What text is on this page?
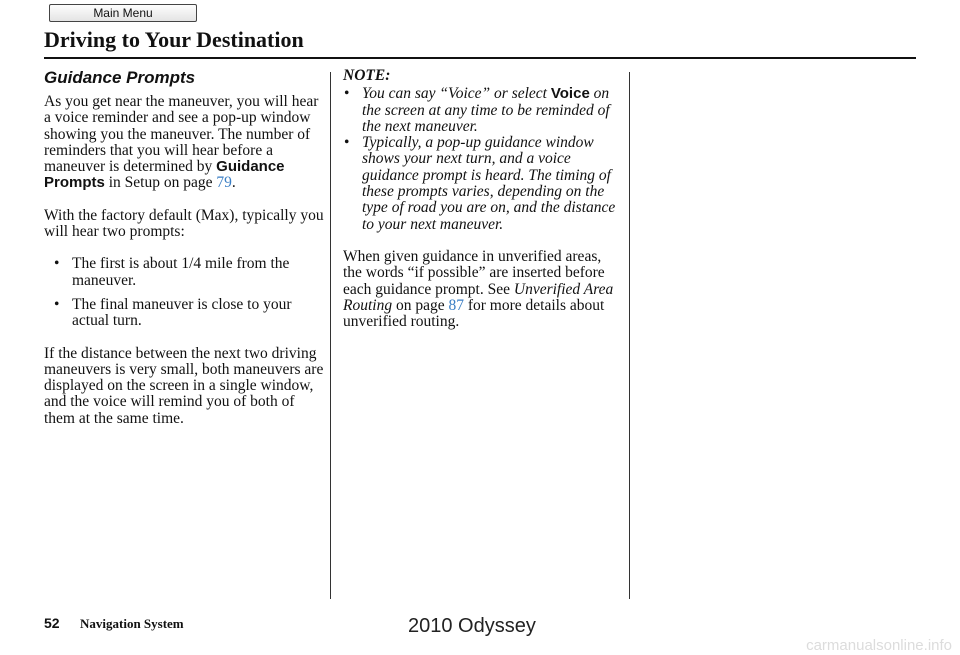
Main Menu
Driving to Your Destination
Guidance Prompts

As you get near the maneuver, you will hear a voice reminder and see a pop-up window showing you the maneuver. The number of reminders that you will hear before a maneuver is determined by Guidance Prompts in Setup on page 79.

With the factory default (Max), typically you will hear two prompts:

• The first is about 1/4 mile from the maneuver.
• The final maneuver is close to your actual turn.

If the distance between the next two driving maneuvers is very small, both maneuvers are displayed on the screen in a single window, and the voice will remind you of both of them at the same time.

NOTE:

• You can say “Voice” or select Voice on the screen at any time to be reminded of the next maneuver.
• Typically, a pop-up guidance window shows your next turn, and a voice guidance prompt is heard. The timing of these prompts varies, depending on the type of road you are on, and the distance to your next maneuver.

When given guidance in unverified areas, the words “if possible” are inserted before each guidance prompt. See Unverified Area Routing on page 87 for more details about unverified routing.

52 Navigation System	2010 Odyssey
carmanualsonline.info
